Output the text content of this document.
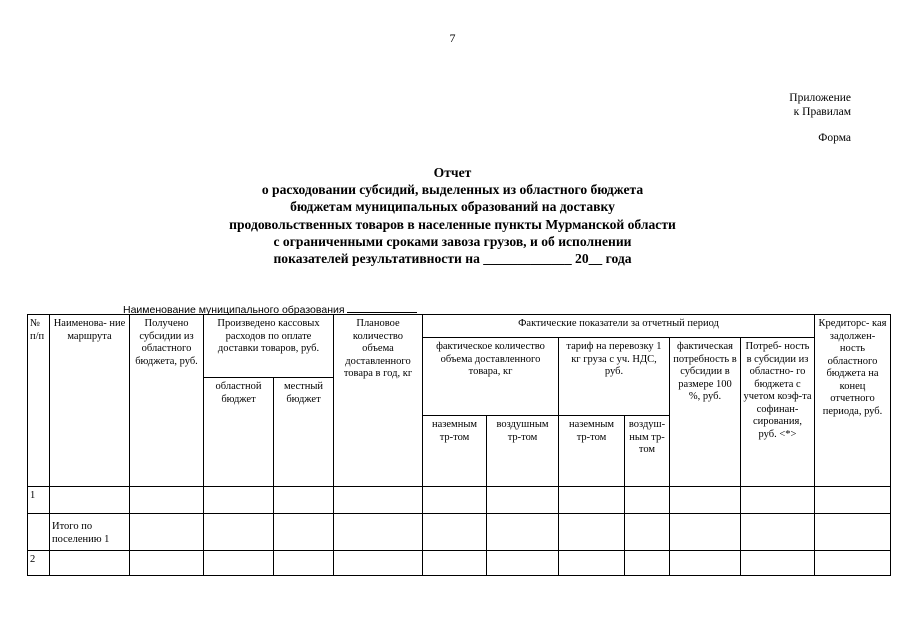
7
Приложение
к Правилам
Форма
Отчет
о расходовании субсидий, выделенных из областного бюджета
бюджетам муниципальных образований на доставку
продовольственных товаров в населенные пункты Мурманской области
с ограниченными сроками завоза грузов, и об исполнении
показателей результативности на _____________ 20__ года
Наименование муниципального образования
№ п/п	Наименова- ние маршрута	Получено субсидии из областного бюджета, руб.	Произведено кассовых расходов по оплате доставки товаров, руб.		Плановое количество объема доставленного товара в год, кг	Фактические показатели за отчетный период						Кредиторс- кая задолжен- ность областного бюджета на конец отчетного периода, руб.
						фактическое количество объема доставленного товара, кг		тариф на перевозку 1 кг груза с уч. НДС, руб.		фактическая потребность в субсидии в размере 100 %, руб.	Потреб- ность в субсидии из областно- го бюджета с учетом коэф-та софинан- сирования, руб. <*>	
			областной бюджет	местный бюджет								
						наземным тр-том	воздушным тр-том	наземным тр-том	воздуш- ным тр-том			
1												
	Итого по поселению 1											
2												
